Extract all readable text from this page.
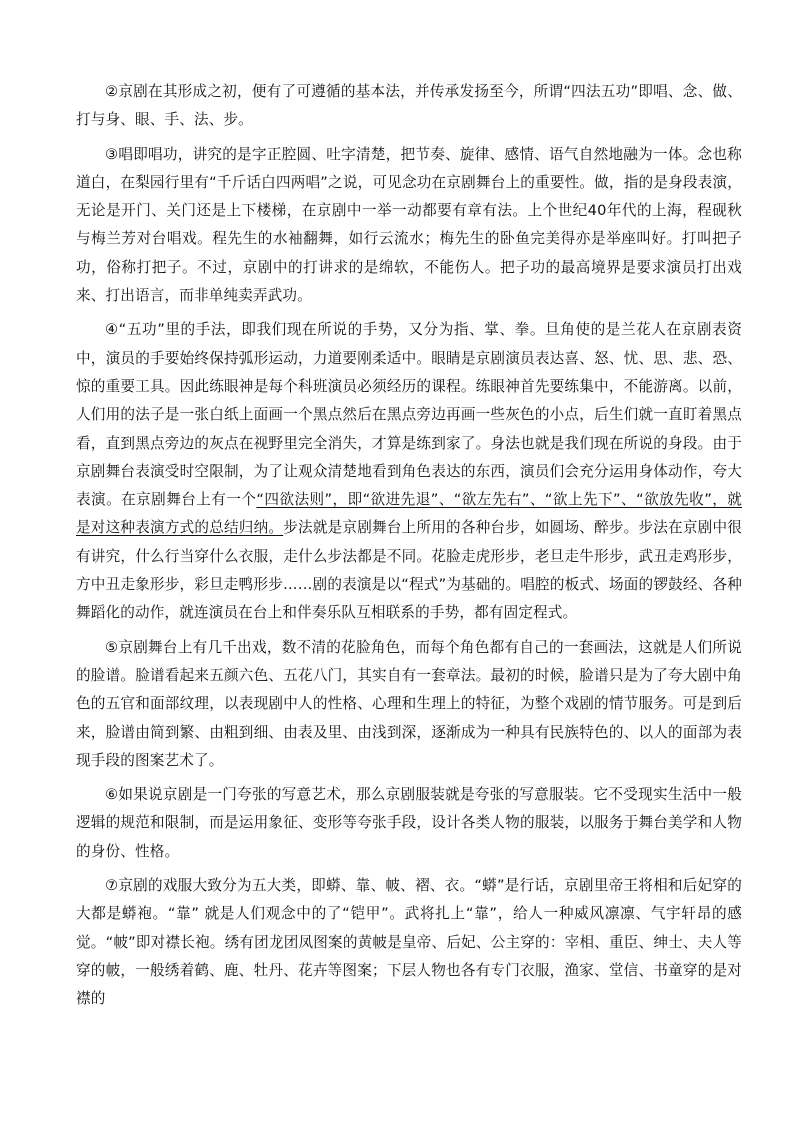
②京剧在其形成之初，便有了可遵循的基本法，并传承发扬至今，所谓“四法五功”即唱、念、做、打与身、眼、手、法、步。

③唱即唱功，讲究的是字正腔圆、吐字清楚，把节奏、旋律、感情、语气自然地融为一体。念也称道白，在梨园行里有“千斤话白四两唱”之说，可见念功在京剧舞台上的重要性。做，指的是身段表演，无论是开门、关门还是上下楼梯，在京剧中一举一动都要有章有法。上个世纪40年代的上海，程砚秋与梅兰芳对台唱戏。程先生的水袖翻舞，如行云流水；梅先生的卧鱼完美得亦是举座叫好。打叫把子功，俗称打把子。不过，京剧中的打讲求的是绵软，不能伤人。把子功的最高境界是要求演员打出戏来、打出语言，而非单纯卖弄武功。

④“五功”里的手法，即我们现在所说的手势，又分为指、掌、拳。旦角使的是兰花人在京剧表资中，演员的手要始终保持弧形运动，力道要刚柔适中。眼睛是京剧演员表达喜、怒、忧、思、悲、恐、惊的重要工具。因此练眼神是每个科班演员必须经历的课程。练眼神首先要练集中，不能游离。以前，人们用的法子是一张白纸上面画一个黑点然后在黑点旁边再画一些灰色的小点，后生们就一直盯着黑点看，直到黑点旁边的灰点在视野里完全消失，才算是练到家了。身法也就是我们现在所说的身段。由于京剧舞台表演受时空限制，为了让观众清楚地看到角色表达的东西，演员们会充分运用身体动作，夸大表演。在京剧舞台上有一个“四欲法则”，即“欲进先退”、“欲左先右”、“欲上先下”、“欲放先收”，就是对这种表演方式的总结归纳。步法就是京剧舞台上所用的各种台步，如圆场、醉步。步法在京剧中很有讲究，什么行当穿什么衣服，走什么步法都是不同。花脸走虎形步，老旦走牛形步，武丑走鸡形步，方中丑走象形步，彩旦走鸭形步……剧的表演是以“程式”为基础的。唱腔的板式、场面的锣鼓经、各种舞蹈化的动作，就连演员在台上和伴奏乐队互相联系的手势，都有固定程式。

⑤京剧舞台上有几千出戏，数不清的花脸角色，而每个角色都有自己的一套画法，这就是人们所说的脸谱。脸谱看起来五颜六色、五花八门，其实自有一套章法。最初的时候，脸谱只是为了夸大剧中角色的五官和面部纹理，以表现剧中人的性格、心理和生理上的特征，为整个戏剧的情节服务。可是到后来，脸谱由简到繁、由粗到细、由表及里、由浅到深，逐渐成为一种具有民族特色的、以人的面部为表现手段的图案艺术了。

⑥如果说京剧是一门夸张的写意艺术，那么京剧服装就是夸张的写意服装。它不受现实生活中一般逻辑的规范和限制，而是运用象征、变形等夸张手段，设计各类人物的服装，以服务于舞台美学和人物的身份、性格。

⑦京剧的戏服大致分为五大类，即蟒、靠、帔、褶、衣。“蟒”是行话，京剧里帝王将相和后妃穿的大都是蟒袍。“靠” 就是人们观念中的了“铠甲”。武将扎上“靠”，给人一种威风凛凛、气宇轩昂的感觉。“帔”即对襟长袍。绣有团龙团凤图案的黄帔是皇帝、后妃、公主穿的：宰相、重臣、绅士、夫人等穿的帔，一般绣着鹤、鹿、牡丹、花卉等图案；下层人物也各有专门衣服，渔家、堂信、书童穿的是对襟的
